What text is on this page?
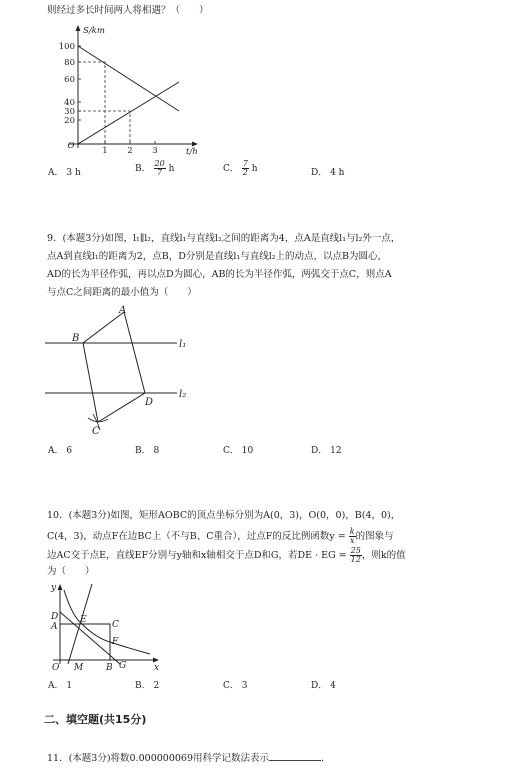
则经过多长时间两人将相遇？（　　）
100
80
60
40
30
20
O	1 2 3
S/km
t/h
A． 3 h	B． $\frac{20}{7}$ h	C． $\frac{7}{2}$ h	D． 4 h
9．(本题3分)如图，l₁∥l₂，直线l₁与直线l₂之间的距离为4，点A是直线l₁与l₂外一点，
点A到直线l₁的距离为2，点B，D分别是直线l₁与直线l₂上的动点，以点B为圆心，
AD的长为半径作弧，再以点D为圆心，AB的长为半径作弧，两弧交于点C，则点A
与点C之间距离的最小值为（　　）
A
B
D
C
l₁
l₂
A． 6	B． 8	C． 10	D． 12
10．(本题3分)如图，矩形AOBC的顶点坐标分别为A(0，3)，O(0，0)，B(4，0)，
C(4，3)，动点F在边BC上（不与B、C重合），过点F的反比例函数$y = \frac{k}{x}$ 的图象与
边AC交于点E，直线EF分别与y轴和x轴相交于点D和G，若DE · EG = $\frac{25}{12}$ ，则k的值
为（　　）
y
x
D
A
E	C
F
O M	B G
A． 1	B． 2	C． 3	D． 4
二、填空题(共15分)
11．(本题3分)将数0.000000069用科学记数法表示	．
